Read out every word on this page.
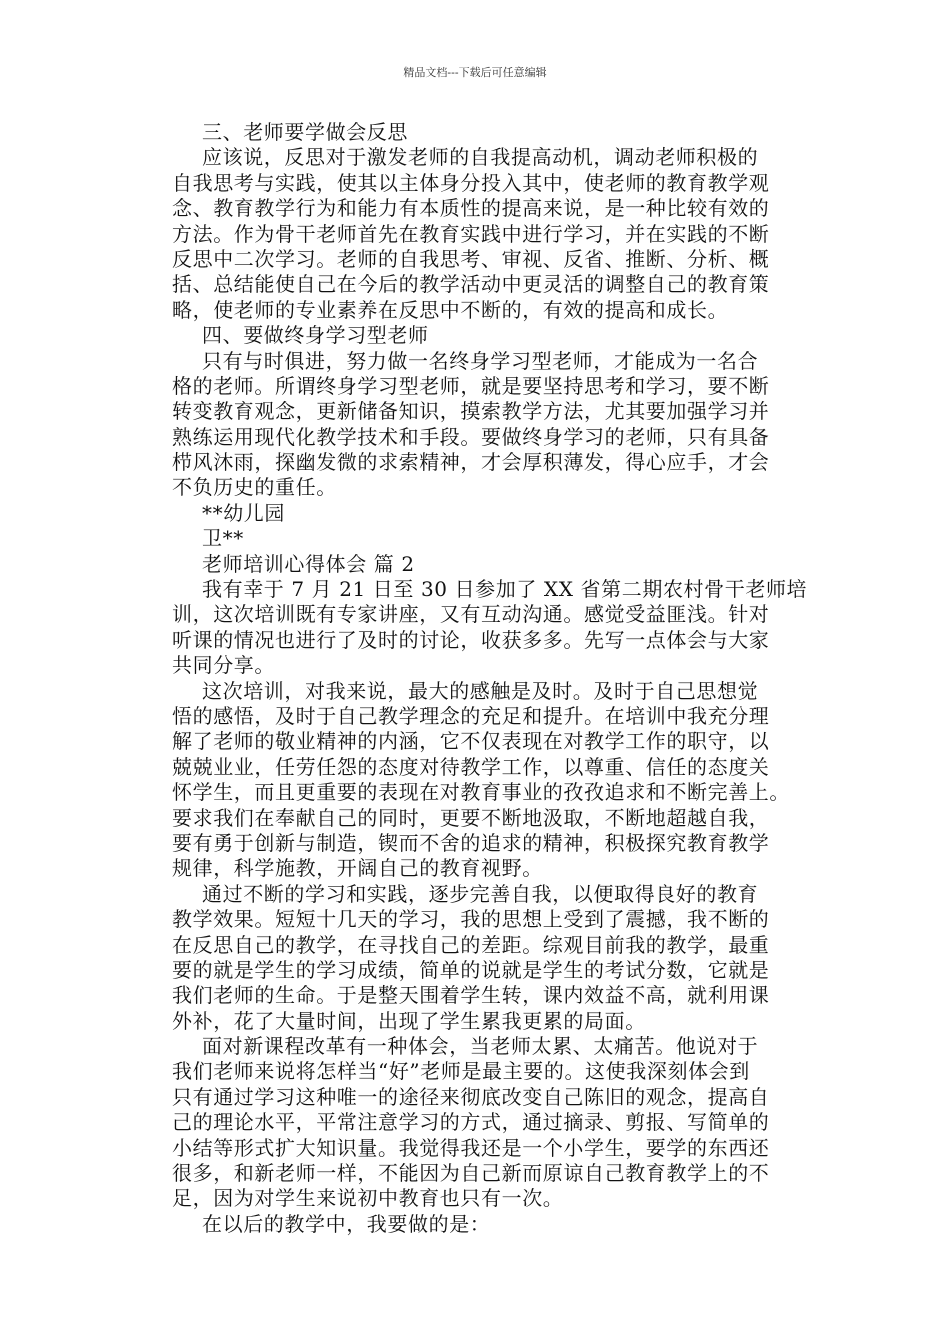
精品文档---下载后可任意编辑
三、老师要学做会反思
应该说，反思对于激发老师的自我提高动机，调动老师积极的
自我思考与实践，使其以主体身分投入其中，使老师的教育教学观
念、教育教学行为和能力有本质性的提高来说，是一种比较有效的
方法。作为骨干老师首先在教育实践中进行学习，并在实践的不断
反思中二次学习。老师的自我思考、审视、反省、推断、分析、概
括、总结能使自己在今后的教学活动中更灵活的调整自己的教育策
略，使老师的专业素养在反思中不断的，有效的提高和成长。
四、要做终身学习型老师
只有与时俱进，努力做一名终身学习型老师，才能成为一名合
格的老师。所谓终身学习型老师，就是要坚持思考和学习，要不断
转变教育观念，更新储备知识，摸索教学方法，尤其要加强学习并
熟练运用现代化教学技术和手段。要做终身学习的老师，只有具备
栉风沐雨，探幽发微的求索精神，才会厚积薄发，得心应手，才会
不负历史的重任。
**幼儿园
卫**
老师培训心得体会 篇 2
我有幸于 7 月 21 日至 30 日参加了 XX 省第二期农村骨干老师培
训，这次培训既有专家讲座，又有互动沟通。感觉受益匪浅。针对
听课的情况也进行了及时的讨论，收获多多。先写一点体会与大家
共同分享。
这次培训，对我来说，最大的感触是及时。及时于自己思想觉
悟的感悟，及时于自己教学理念的充足和提升。在培训中我充分理
解了老师的敬业精神的内涵，它不仅表现在对教学工作的职守，以
兢兢业业，任劳任怨的态度对待教学工作，以尊重、信任的态度关
怀学生，而且更重要的表现在对教育事业的孜孜追求和不断完善上。
要求我们在奉献自己的同时，更要不断地汲取，不断地超越自我，
要有勇于创新与制造，锲而不舍的追求的精神，积极探究教育教学
规律，科学施教，开阔自己的教育视野。
通过不断的学习和实践，逐步完善自我，以便取得良好的教育
教学效果。短短十几天的学习，我的思想上受到了震撼，我不断的
在反思自己的教学，在寻找自己的差距。综观目前我的教学，最重
要的就是学生的学习成绩，简单的说就是学生的考试分数，它就是
我们老师的生命。于是整天围着学生转，课内效益不高，就利用课
外补，花了大量时间，出现了学生累我更累的局面。
面对新课程改革有一种体会，当老师太累、太痛苦。他说对于
我们老师来说将怎样当“好”老师是最主要的。这使我深刻体会到
只有通过学习这种唯一的途径来彻底改变自己陈旧的观念，提高自
己的理论水平，平常注意学习的方式，通过摘录、剪报、写简单的
小结等形式扩大知识量。我觉得我还是一个小学生，要学的东西还
很多，和新老师一样，不能因为自己新而原谅自己教育教学上的不
足，因为对学生来说初中教育也只有一次。
在以后的教学中，我要做的是：
